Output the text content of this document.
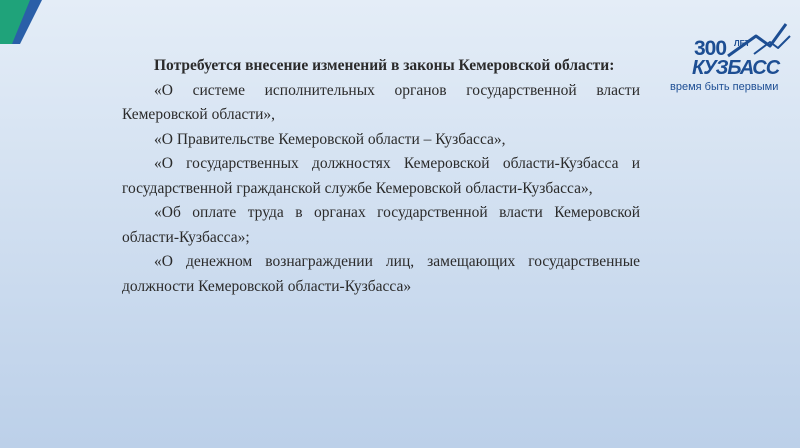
300 ЛЕТ
КУЗБАСС
время быть первыми

Потребуется внесение изменений в законы Кемеровской области:

«О системе исполнительных органов государственной власти Кемеровской области»,

«О Правительстве Кемеровской области – Кузбасса»,

«О государственных должностях Кемеровской области-Кузбасса и государственной гражданской службе Кемеровской области-Кузбасса»,

«Об оплате труда в органах государственной власти Кемеровской области-Кузбасса»;

«О денежном вознаграждении лиц, замещающих государственные должности Кемеровской области-Кузбасса»
